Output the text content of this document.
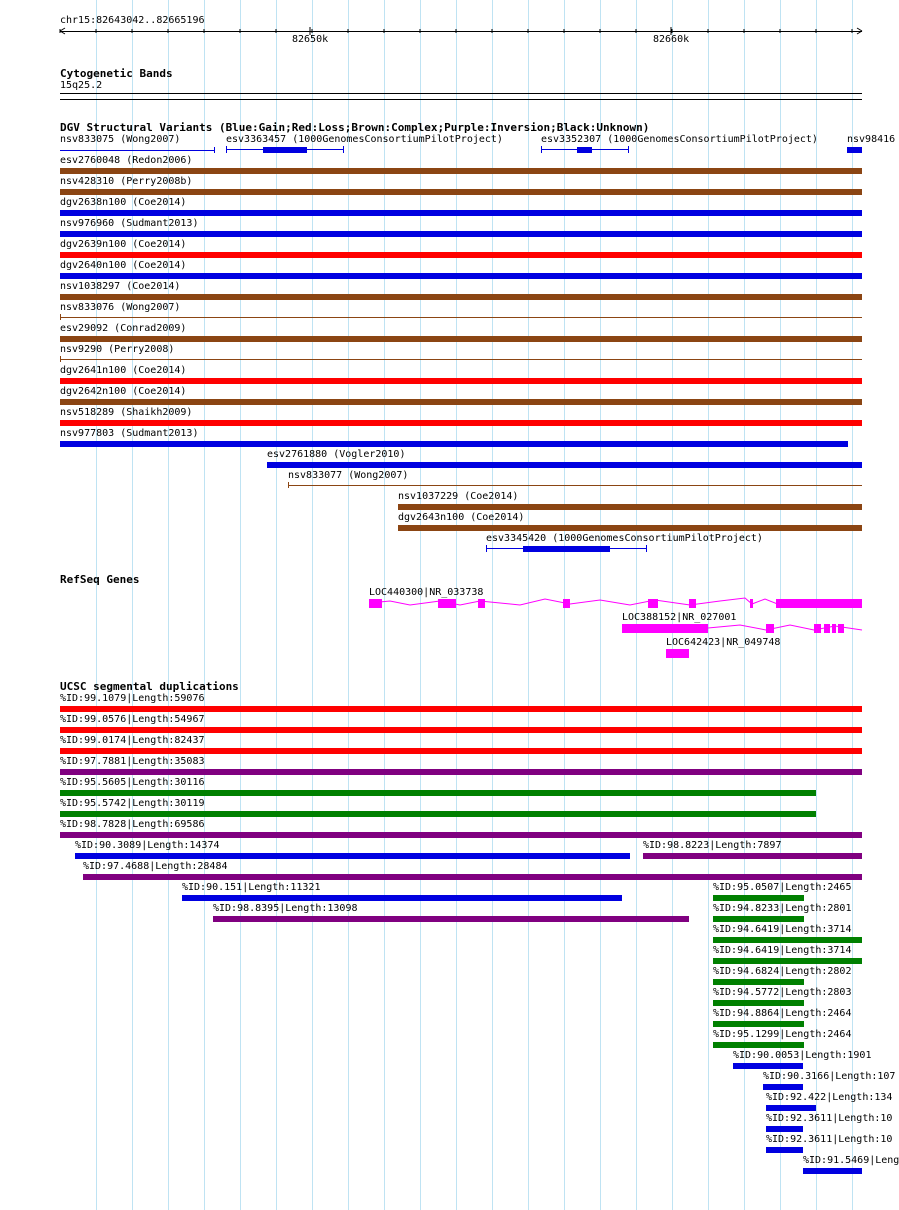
chr15:82643042..82665196
82650k	82660k
Cytogenetic Bands
15q25.2
DGV Structural Variants (Blue:Gain;Red:Loss;Brown:Complex;Purple:Inversion;Black:Unknown)
RefSeq Genes
UCSC segmental duplications
LOC440300|NR_033738
LOC388152|NR_027001
LOC642423|NR_049748
nsv833075 (Wong2007)	esv3363457 (1000GenomesConsortiumPilotProject)	esv3352307 (1000GenomesConsortiumPilotProject)	nsv98416
esv2760048 (Redon2006)
nsv428310 (Perry2008b)
dgv2638n100 (Coe2014)
nsv976960 (Sudmant2013)
dgv2639n100 (Coe2014)
dgv2640n100 (Coe2014)
nsv1038297 (Coe2014)
nsv833076 (Wong2007)
esv29092 (Conrad2009)
nsv9290 (Perry2008)
dgv2641n100 (Coe2014)
dgv2642n100 (Coe2014)
nsv518289 (Shaikh2009)
nsv977803 (Sudmant2013)
esv2761880 (Vogler2010)
nsv833077 (Wong2007)
nsv1037229 (Coe2014)
dgv2643n100 (Coe2014)
esv3345420 (1000GenomesConsortiumPilotProject)
%ID:99.1079|Length:59076
%ID:99.0576|Length:54967
%ID:99.0174|Length:82437
%ID:97.7881|Length:35083
%ID:95.5605|Length:30116
%ID:95.5742|Length:30119
%ID:98.7828|Length:69586
%ID:90.3089|Length:14374	%ID:98.8223|Length:7897
%ID:97.4688|Length:28484
%ID:90.151|Length:11321
%ID:98.8395|Length:13098
%ID:95.0507|Length:2465
%ID:94.8233|Length:2801
%ID:94.6419|Length:3714
%ID:94.6419|Length:3714
%ID:94.6824|Length:2802
%ID:94.5772|Length:2803
%ID:94.8864|Length:2464
%ID:95.1299|Length:2464
%ID:90.0053|Length:1901
%ID:90.3166|Length:107
%ID:92.422|Length:134
%ID:92.3611|Length:10
%ID:92.3611|Length:10
%ID:91.5469|Leng
